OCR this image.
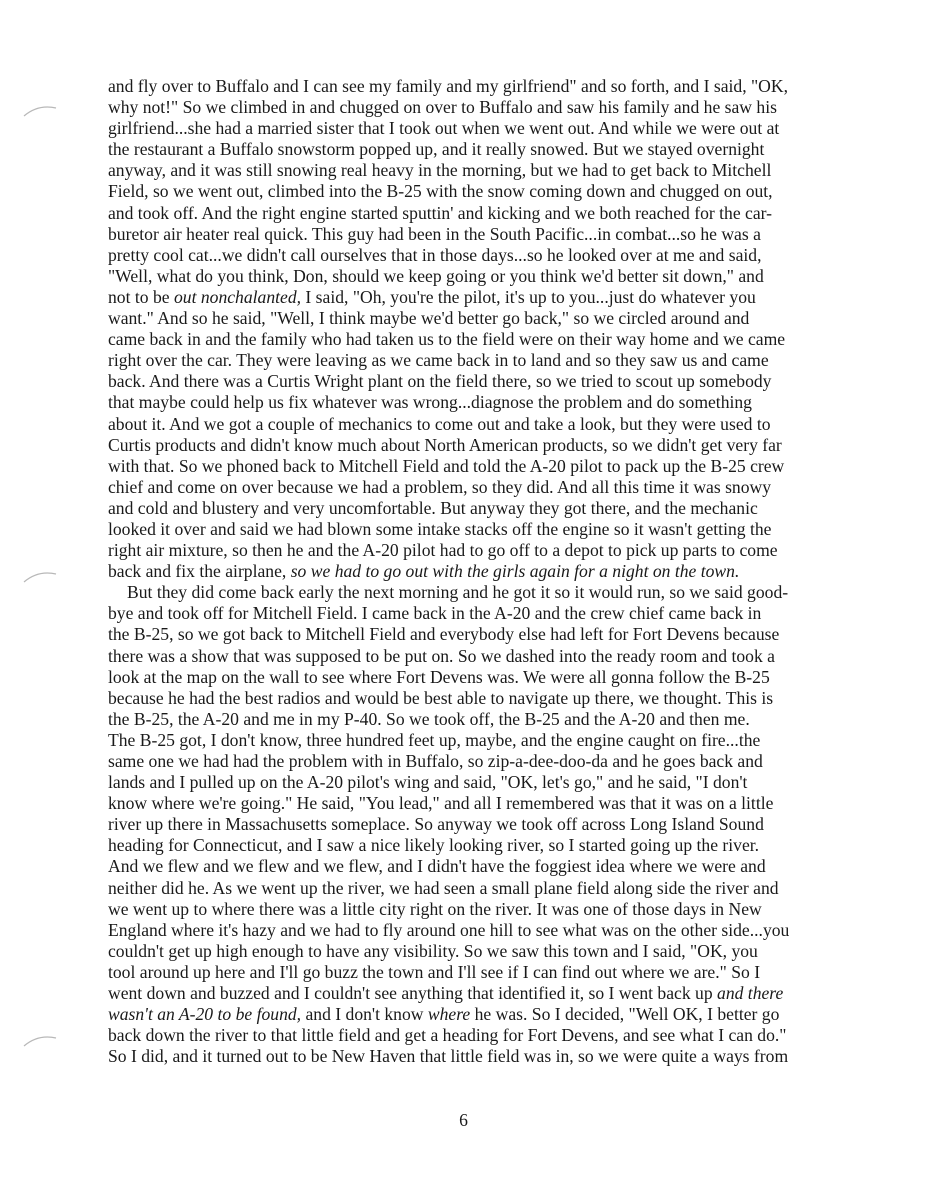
and fly over to Buffalo and I can see my family and my girlfriend" and so forth, and I said, "OK,
why not!" So we climbed in and chugged on over to Buffalo and saw his family and he saw his
girlfriend...she had a married sister that I took out when we went out. And while we were out at
the restaurant a Buffalo snowstorm popped up, and it really snowed. But we stayed overnight
anyway, and it was still snowing real heavy in the morning, but we had to get back to Mitchell
Field, so we went out, climbed into the B-25 with the snow coming down and chugged on out,
and took off. And the right engine started sputtin' and kicking and we both reached for the car-
buretor air heater real quick. This guy had been in the South Pacific...in combat...so he was a
pretty cool cat...we didn't call ourselves that in those days...so he looked over at me and said,
"Well, what do you think, Don, should we keep going or you think we'd better sit down," and
not to be out nonchalanted, I said, "Oh, you're the pilot, it's up to you...just do whatever you
want." And so he said, "Well, I think maybe we'd better go back," so we circled around and
came back in and the family who had taken us to the field were on their way home and we came
right over the car. They were leaving as we came back in to land and so they saw us and came
back. And there was a Curtis Wright plant on the field there, so we tried to scout up somebody
that maybe could help us fix whatever was wrong...diagnose the problem and do something
about it. And we got a couple of mechanics to come out and take a look, but they were used to
Curtis products and didn't know much about North American products, so we didn't get very far
with that. So we phoned back to Mitchell Field and told the A-20 pilot to pack up the B-25 crew
chief and come on over because we had a problem, so they did. And all this time it was snowy
and cold and blustery and very uncomfortable. But anyway they got there, and the mechanic
looked it over and said we had blown some intake stacks off the engine so it wasn't getting the
right air mixture, so then he and the A-20 pilot had to go off to a depot to pick up parts to come
back and fix the airplane, so we had to go out with the girls again for a night on the town.
But they did come back early the next morning and he got it so it would run, so we said good-
bye and took off for Mitchell Field. I came back in the A-20 and the crew chief came back in
the B-25, so we got back to Mitchell Field and everybody else had left for Fort Devens because
there was a show that was supposed to be put on. So we dashed into the ready room and took a
look at the map on the wall to see where Fort Devens was. We were all gonna follow the B-25
because he had the best radios and would be best able to navigate up there, we thought. This is
the B-25, the A-20 and me in my P-40. So we took off, the B-25 and the A-20 and then me.
The B-25 got, I don't know, three hundred feet up, maybe, and the engine caught on fire...the
same one we had had the problem with in Buffalo, so zip-a-dee-doo-da and he goes back and
lands and I pulled up on the A-20 pilot's wing and said, "OK, let's go," and he said, "I don't
know where we're going." He said, "You lead," and all I remembered was that it was on a little
river up there in Massachusetts someplace. So anyway we took off across Long Island Sound
heading for Connecticut, and I saw a nice likely looking river, so I started going up the river.
And we flew and we flew and we flew, and I didn't have the foggiest idea where we were and
neither did he. As we went up the river, we had seen a small plane field along side the river and
we went up to where there was a little city right on the river. It was one of those days in New
England where it's hazy and we had to fly around one hill to see what was on the other side...you
couldn't get up high enough to have any visibility. So we saw this town and I said, "OK, you
tool around up here and I'll go buzz the town and I'll see if I can find out where we are." So I
went down and buzzed and I couldn't see anything that identified it, so I went back up and there
wasn't an A-20 to be found, and I don't know where he was. So I decided, "Well OK, I better go
back down the river to that little field and get a heading for Fort Devens, and see what I can do."
So I did, and it turned out to be New Haven that little field was in, so we were quite a ways from
6
